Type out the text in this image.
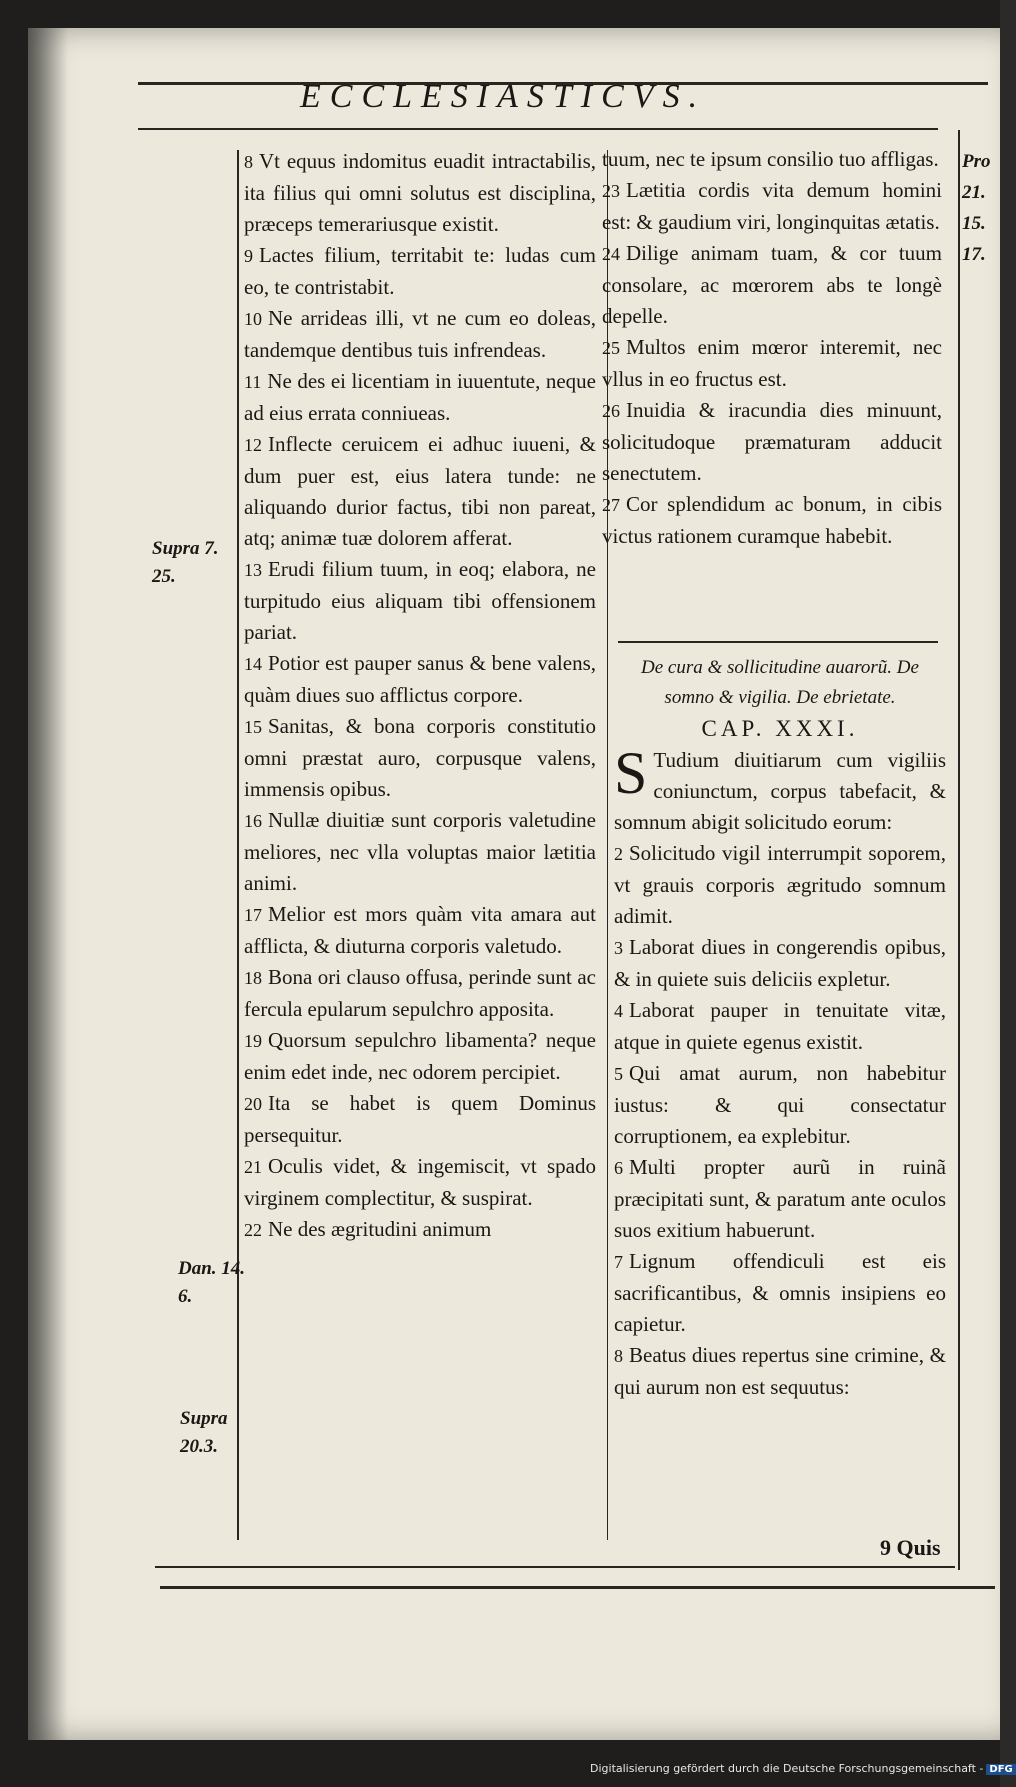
ECCLESIASTICVS.
Supra 7.
25.
Dan. 14.
6.
Supra
20.3.
Pro
21.
15.
17.

8 Vt equus indomitus euadit intractabilis, ita filius qui omni solutus est disciplina, præceps temerariusque existit.

9 Lactes filium, territabit te: ludas cum eo, te contristabit.

10 Ne arrideas illi, vt ne cum eo doleas, tandemque dentibus tuis infrendeas.

11 Ne des ei licentiam in iuuentute, neque ad eius errata conniueas.

12 Inflecte ceruicem ei adhuc iuueni, & dum puer est, eius latera tunde: ne aliquando durior factus, tibi non pareat, atq; animæ tuæ dolorem afferat.

13 Erudi filium tuum, in eoq; elabora, ne turpitudo eius aliquam tibi offensionem pariat.

14 Potior est pauper sanus & bene valens, quàm diues suo afflictus corpore.

15 Sanitas, & bona corporis constitutio omni præstat auro, corpusque valens, immensis opibus.

16 Nullæ diuitiæ sunt corporis valetudine meliores, nec vlla voluptas maior lætitia animi.

17 Melior est mors quàm vita amara aut afflicta, & diuturna corporis valetudo.

18 Bona ori clauso offusa, perinde sunt ac fercula epularum sepulchro apposita.

19 Quorsum sepulchro libamenta? neque enim edet inde, nec odorem percipiet.

20 Ita se habet is quem Dominus persequitur.

21 Oculis videt, & ingemiscit, vt spado virginem complectitur, & suspirat.

22 Ne des ægritudini animum

tuum, nec te ipsum consilio tuo affligas.

23 Lætitia cordis vita demum homini est: & gaudium viri, longinquitas ætatis.

24 Dilige animam tuam, & cor tuum consolare, ac mœrorem abs te longè depelle.

25 Multos enim mœror interemit, nec vllus in eo fructus est.

26 Inuidia & iracundia dies minuunt, solicitudoque præmaturam adducit senectutem.

27 Cor splendidum ac bonum, in cibis victus rationem curamque habebit.

De cura & sollicitudine auarorũ. De somno & vigilia. De ebrietate.

CAP. XXXI.

S Tudium diuitiarum cum vigiliis coniunctum, corpus tabefacit, & somnum abigit solicitudo eorum:

2 Solicitudo vigil interrumpit soporem, vt grauis corporis ægritudo somnum adimit.

3 Laborat diues in congerendis opibus, & in quiete suis deliciis expletur.

4 Laborat pauper in tenuitate vitæ, atque in quiete egenus existit.

5 Qui amat aurum, non habebitur iustus: & qui consectatur corruptionem, ea explebitur.

6 Multi propter aurũ in ruinã præcipitati sunt, & paratum ante oculos suos exitium habuerunt.

7 Lignum offendiculi est eis sacrificantibus, & omnis insipiens eo capietur.

8 Beatus diues repertus sine crimine, & qui aurum non est sequutus:

9 Quis
Digitalisierung gefördert durch die Deutsche Forschungsgemeinschaft - DFG
